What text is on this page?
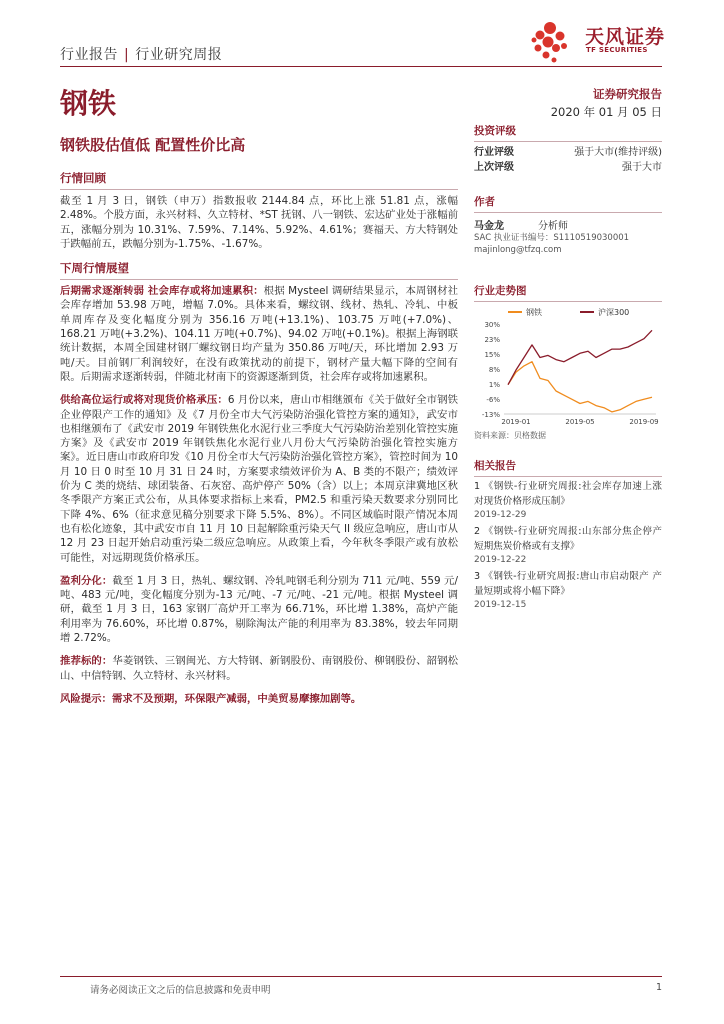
行业报告 | 行业研究周报
天风证券
TF SECURITIES
钢铁	证券研究报告
2020 年 01 月 05 日
钢铁股估值低 配置性价比高
行情回顾

截至 1 月 3 日，钢铁（申万）指数报收 2144.84 点，环比上涨 51.81 点，涨幅 2.48%。个股方面，永兴材料、久立特材、*ST 抚钢、八一钢铁、宏达矿业处于涨幅前五，涨幅分别为 10.31%、7.59%、7.14%、5.92%、4.61%；赛福天、方大特钢处于跌幅前五，跌幅分别为-1.75%、-1.67%。

下周行情展望

后期需求逐渐转弱 社会库存或将加速累积：根据 Mysteel 调研结果显示，本周钢材社会库存增加 53.98 万吨，增幅 7.0%。具体来看，螺纹钢、线材、热轧、冷轧、中板单周库存及变化幅度分别为 356.16 万吨(+13.1%)、103.75 万吨(+7.0%)、168.21 万吨(+3.2%)、104.11 万吨(+0.7%)、94.02 万吨(+0.1%)。根据上海钢联统计数据，本周全国建材钢厂螺纹钢日均产量为 350.86 万吨/天，环比增加 2.93 万吨/天。目前钢厂利润较好，在没有政策扰动的前提下，钢材产量大幅下降的空间有限。后期需求逐渐转弱，伴随北材南下的资源逐渐到货，社会库存或将加速累积。

供给高位运行或将对现货价格承压：6 月份以来，唐山市相继颁布《关于做好全市钢铁企业停限产工作的通知》及《7 月份全市大气污染防治强化管控方案的通知》，武安市也相继颁布了《武安市 2019 年钢铁焦化水泥行业三季度大气污染防治差别化管控实施方案》及《武安市 2019 年钢铁焦化水泥行业八月份大气污染防治强化管控实施方案》。近日唐山市政府印发《10 月份全市大气污染防治强化管控方案》，管控时间为 10 月 10 日 0 时至 10 月 31 日 24 时，方案要求绩效评价为 A、B 类的不限产；绩效评价为 C 类的烧结、球团装备、石灰窑、高炉停产 50%（含）以上；本周京津冀地区秋冬季限产方案正式公布，从具体要求指标上来看，PM2.5 和重污染天数要求分别同比下降 4%、6%（征求意见稿分别要求下降 5.5%、8%）。不同区域临时限产情况本周也有松化迹象，其中武安市自 11 月 10 日起解除重污染天气 II 级应急响应，唐山市从 12 月 23 日起开始启动重污染二级应急响应。从政策上看，今年秋冬季限产或有放松可能性，对远期现货价格承压。

盈利分化：截至 1 月 3 日，热轧、螺纹钢、冷轧吨钢毛利分别为 711 元/吨、559 元/吨、483 元/吨，变化幅度分别为-13 元/吨、-7 元/吨、-21 元/吨。根据 Mysteel 调研，截至 1 月 3 日，163 家钢厂高炉开工率为 66.71%，环比增 1.38%，高炉产能利用率为 76.60%，环比增 0.87%，剔除淘汰产能的利用率为 83.38%，较去年同期增 2.72%。

推荐标的：华菱钢铁、三钢闽光、方大特钢、新钢股份、南钢股份、柳钢股份、韶钢松山、中信特钢、久立特材、永兴材料。

风险提示：需求不及预期，环保限产减弱，中美贸易摩擦加剧等。

投资评级
行业评级	强于大市(维持评级)
上次评级	强于大市
作者
马金龙	分析师
SAC 执业证书编号：S1110519030001
majinlong@tfzq.com
行业走势图
钢铁	沪深300
30%
23%
15%
8%
1%
-6%
-13%
2019-01	2019-05	2019-09
资料来源：贝格数据
相关报告
1 《钢铁-行业研究周报:社会库存加速上涨 对现货价格形成压制》
2019-12-29
2 《钢铁-行业研究周报:山东部分焦企停产 短期焦炭价格或有支撑》
2019-12-22
3 《钢铁-行业研究周报:唐山市启动限产 产量短期或将小幅下降》
2019-12-15
请务必阅读正文之后的信息披露和免责申明	1
